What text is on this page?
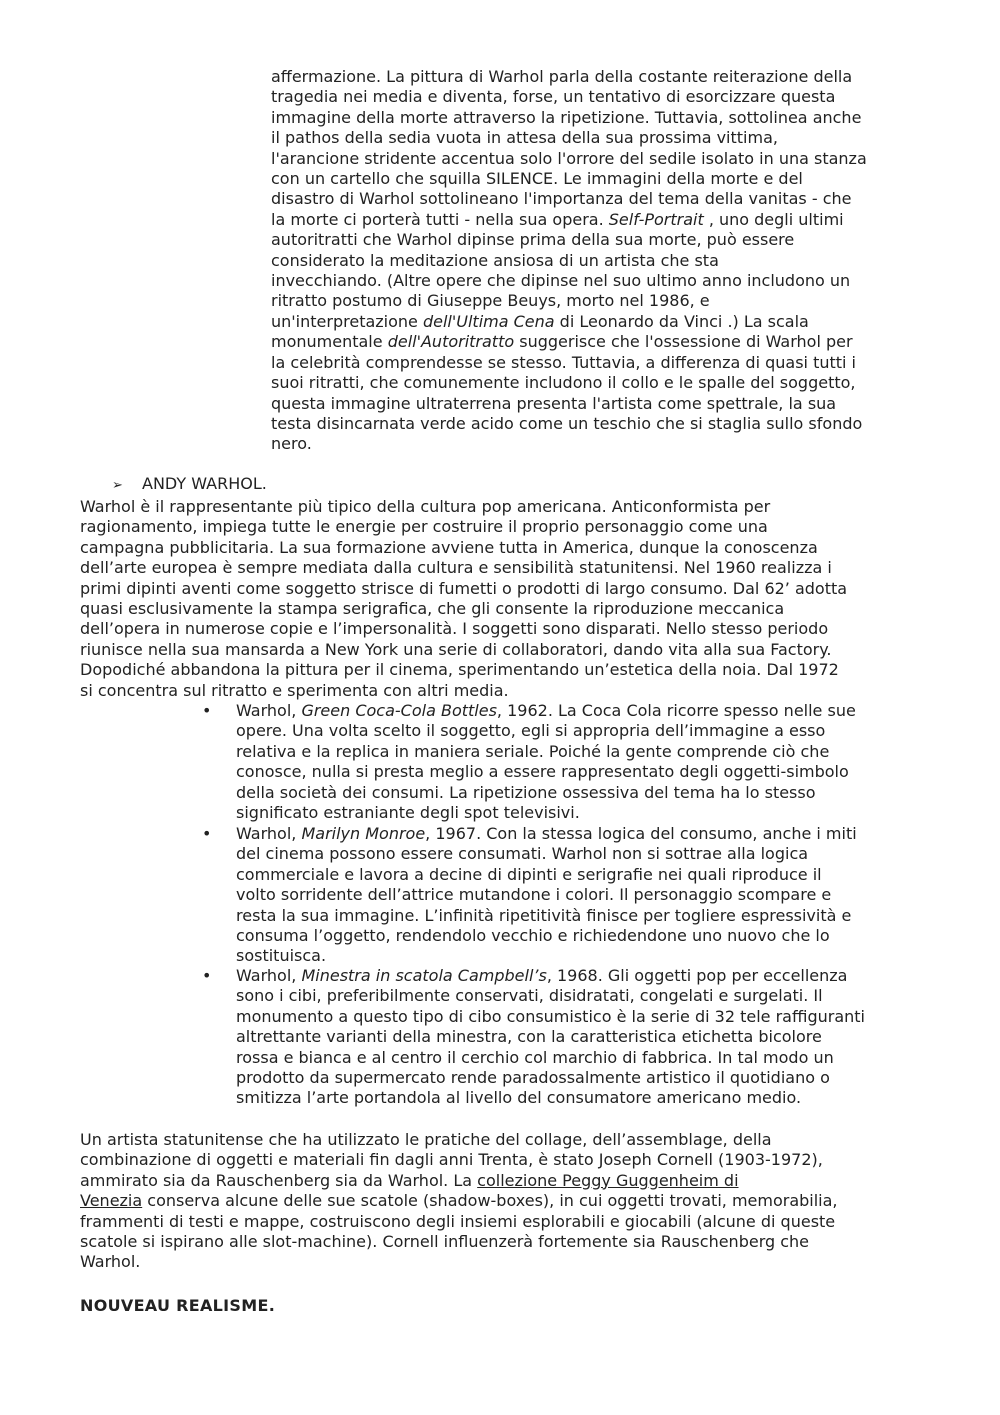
affermazione. La pittura di Warhol parla della costante reiterazione della
tragedia nei media e diventa, forse, un tentativo di esorcizzare questa
immagine della morte attraverso la ripetizione. Tuttavia, sottolinea anche
il pathos della sedia vuota in attesa della sua prossima vittima,
l'arancione stridente accentua solo l'orrore del sedile isolato in una stanza
con un cartello che squilla SILENCE. Le immagini della morte e del
disastro di Warhol sottolineano l'importanza del tema della vanitas - che
la morte ci porterà tutti - nella sua opera. Self-Portrait , uno degli ultimi
autoritratti che Warhol dipinse prima della sua morte, può essere
considerato la meditazione ansiosa di un artista che sta
invecchiando. (Altre opere che dipinse nel suo ultimo anno includono un
ritratto postumo di Giuseppe Beuys, morto nel 1986, e
un'interpretazione dell'Ultima Cena di Leonardo da Vinci .) La scala
monumentale dell'Autoritratto suggerisce che l'ossessione di Warhol per
la celebrità comprendesse se stesso. Tuttavia, a differenza di quasi tutti i
suoi ritratti, che comunemente includono il collo e le spalle del soggetto,
questa immagine ultraterrena presenta l'artista come spettrale, la sua
testa disincarnata verde acido come un teschio che si staglia sullo sfondo
nero.
➢ ANDY WARHOL.
Warhol è il rappresentante più tipico della cultura pop americana. Anticonformista per
ragionamento, impiega tutte le energie per costruire il proprio personaggio come una
campagna pubblicitaria. La sua formazione avviene tutta in America, dunque la conoscenza
dell’arte europea è sempre mediata dalla cultura e sensibilità statunitensi. Nel 1960 realizza i
primi dipinti aventi come soggetto strisce di fumetti o prodotti di largo consumo. Dal 62’ adotta
quasi esclusivamente la stampa serigrafica, che gli consente la riproduzione meccanica
dell’opera in numerose copie e l’impersonalità. I soggetti sono disparati. Nello stesso periodo
riunisce nella sua mansarda a New York una serie di collaboratori, dando vita alla sua Factory.
Dopodiché abbandona la pittura per il cinema, sperimentando un’estetica della noia. Dal 1972
si concentra sul ritratto e sperimenta con altri media.
•	Warhol, Green Coca-Cola Bottles, 1962. La Coca Cola ricorre spesso nelle sue
opere. Una volta scelto il soggetto, egli si appropria dell’immagine a esso
relativa e la replica in maniera seriale. Poiché la gente comprende ciò che
conosce, nulla si presta meglio a essere rappresentato degli oggetti-simbolo
della società dei consumi. La ripetizione ossessiva del tema ha lo stesso
significato estraniante degli spot televisivi.
•	Warhol, Marilyn Monroe, 1967. Con la stessa logica del consumo, anche i miti
del cinema possono essere consumati. Warhol non si sottrae alla logica
commerciale e lavora a decine di dipinti e serigrafie nei quali riproduce il
volto sorridente dell’attrice mutandone i colori. Il personaggio scompare e
resta la sua immagine. L’infinità ripetitività finisce per togliere espressività e
consuma l’oggetto, rendendolo vecchio e richiedendone uno nuovo che lo
sostituisca.
•	Warhol, Minestra in scatola Campbell’s, 1968. Gli oggetti pop per eccellenza
sono i cibi, preferibilmente conservati, disidratati, congelati e surgelati. Il
monumento a questo tipo di cibo consumistico è la serie di 32 tele raffiguranti
altrettante varianti della minestra, con la caratteristica etichetta bicolore
rossa e bianca e al centro il cerchio col marchio di fabbrica. In tal modo un
prodotto da supermercato rende paradossalmente artistico il quotidiano o
smitizza l’arte portandola al livello del consumatore americano medio.
Un artista statunitense che ha utilizzato le pratiche del collage, dell’assemblage, della
combinazione di oggetti e materiali fin dagli anni Trenta, è stato Joseph Cornell (1903-1972),
ammirato sia da Rauschenberg sia da Warhol. La collezione Peggy Guggenheim di
Venezia conserva alcune delle sue scatole (shadow-boxes), in cui oggetti trovati, memorabilia,
frammenti di testi e mappe, costruiscono degli insiemi esplorabili e giocabili (alcune di queste
scatole si ispirano alle slot-machine). Cornell influenzerà fortemente sia Rauschenberg che
Warhol.
NOUVEAU REALISME.
